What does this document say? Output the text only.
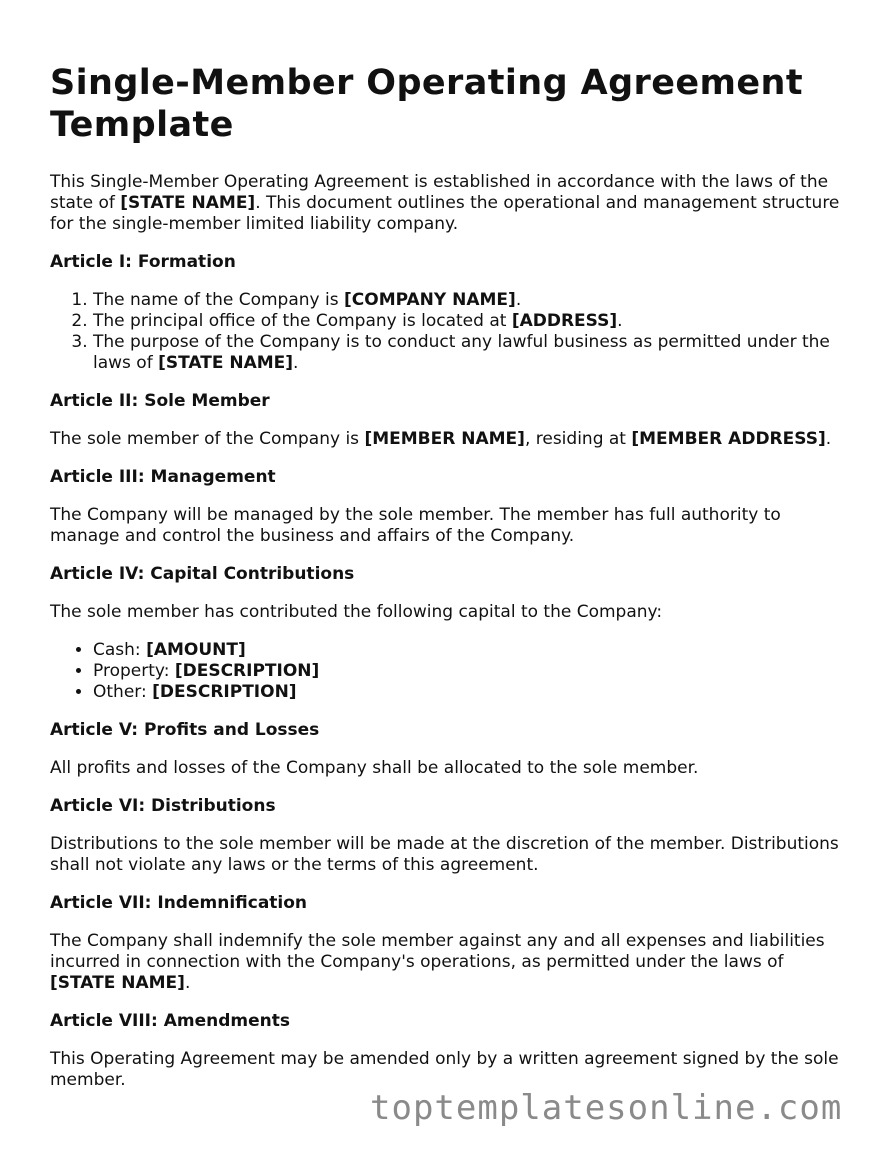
Single-Member Operating Agreement Template

This Single-Member Operating Agreement is established in accordance with the laws of the state of [STATE NAME]. This document outlines the operational and management structure for the single-member limited liability company.

Article I: Formation
1. The name of the Company is [COMPANY NAME].
2. The principal office of the Company is located at [ADDRESS].
3. The purpose of the Company is to conduct any lawful business as permitted under the laws of [STATE NAME].
Article II: Sole Member

The sole member of the Company is [MEMBER NAME], residing at [MEMBER ADDRESS].

Article III: Management

The Company will be managed by the sole member. The member has full authority to manage and control the business and affairs of the Company.

Article IV: Capital Contributions

The sole member has contributed the following capital to the Company:

• Cash: [AMOUNT]
• Property: [DESCRIPTION]
• Other: [DESCRIPTION]
Article V: Profits and Losses

All profits and losses of the Company shall be allocated to the sole member.

Article VI: Distributions

Distributions to the sole member will be made at the discretion of the member. Distributions shall not violate any laws or the terms of this agreement.

Article VII: Indemnification

The Company shall indemnify the sole member against any and all expenses and liabilities incurred in connection with the Company's operations, as permitted under the laws of [STATE NAME].

Article VIII: Amendments

This Operating Agreement may be amended only by a written agreement signed by the sole member.

toptemplatesonline.com
